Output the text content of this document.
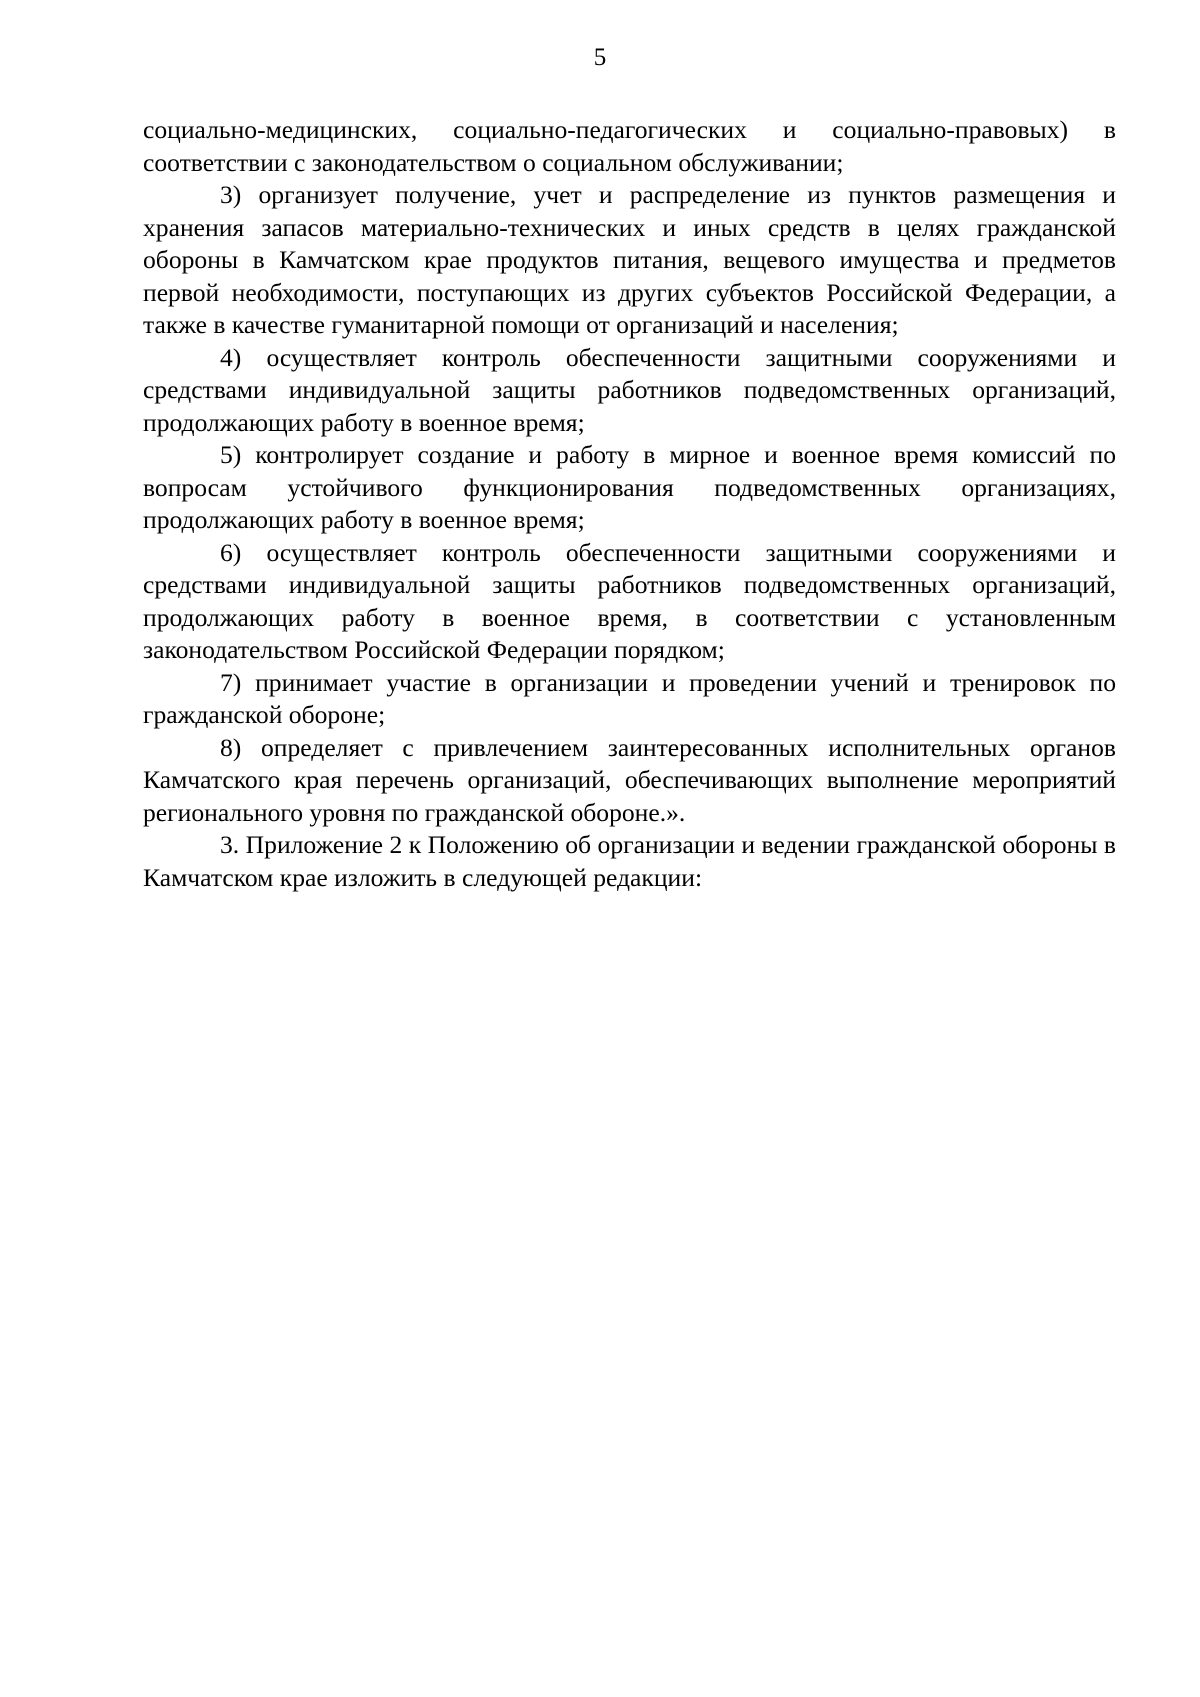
5

социально-медицинских, социально-педагогических и социально-правовых) в соответствии с законодательством о социальном обслуживании;

3) организует получение, учет и распределение из пунктов размещения и хранения запасов материально-технических и иных средств в целях гражданской обороны в Камчатском крае продуктов питания, вещевого имущества и предметов первой необходимости, поступающих из других субъектов Российской Федерации, а также в качестве гуманитарной помощи от организаций и населения;

4) осуществляет контроль обеспеченности защитными сооружениями и средствами индивидуальной защиты работников подведомственных организаций, продолжающих работу в военное время;

5) контролирует создание и работу в мирное и военное время комиссий по вопросам устойчивого функционирования подведомственных организациях, продолжающих работу в военное время;

6) осуществляет контроль обеспеченности защитными сооружениями и средствами индивидуальной защиты работников подведомственных организаций, продолжающих работу в военное время, в соответствии с установленным законодательством Российской Федерации порядком;

7) принимает участие в организации и проведении учений и тренировок по гражданской обороне;

8) определяет с привлечением заинтересованных исполнительных органов Камчатского края перечень организаций, обеспечивающих выполнение мероприятий регионального уровня по гражданской обороне.».

3. Приложение 2 к Положению об организации и ведении гражданской обороны в Камчатском крае изложить в следующей редакции:
